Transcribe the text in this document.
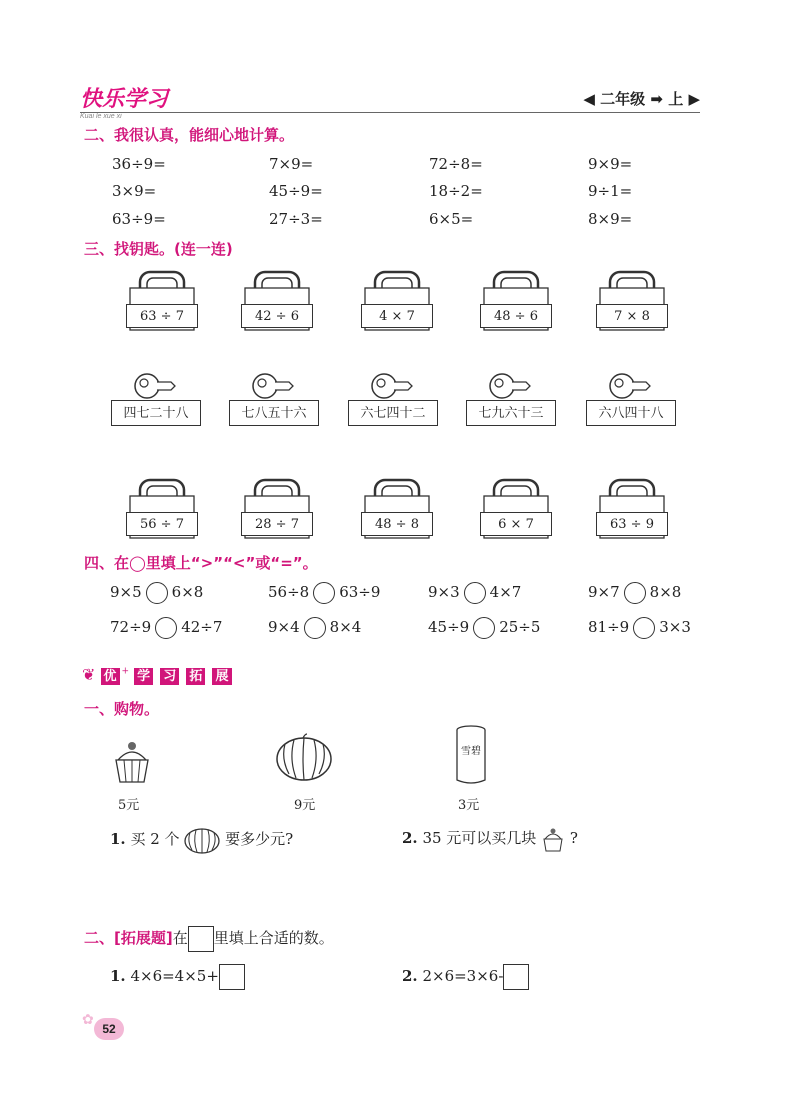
快乐学习
Kuai le xue xi
◀ 二年级 ➡ 上 ▶
二、我很认真，能细心地计算。
36÷9=	7×9=	72÷8=	9×9=
3×9=	45÷9=	18÷2=	9÷1=
63÷9=	27÷3=	6×5=	8×9=
三、找钥匙。(连一连)
63 ÷ 7	42 ÷ 6	4 × 7	48 ÷ 6	7 × 8
四七二十八	七八五十六	六七四十二	七九六十三	六八四十八
56 ÷ 7	28 ÷ 7	48 ÷ 8	6 × 7	63 ÷ 9
四、在◯里填上“>”“<”或“=”。
9×5 6×8	56÷8 63÷9	9×3 4×7	9×7 8×8
72÷9 42÷7	9×4 8×4	45÷9 25÷5	81÷9 3×3
❦ 优 + 学 习 拓 展
一、购物。
5元	9元
雪碧
3元
1. 买 2 个	要多少元?	2. 35 元可以买几块 ?
二、[拓展题]在 里填上合适的数。
1. 4×6=4×5+	2. 2×6=3×6-
✿
52
